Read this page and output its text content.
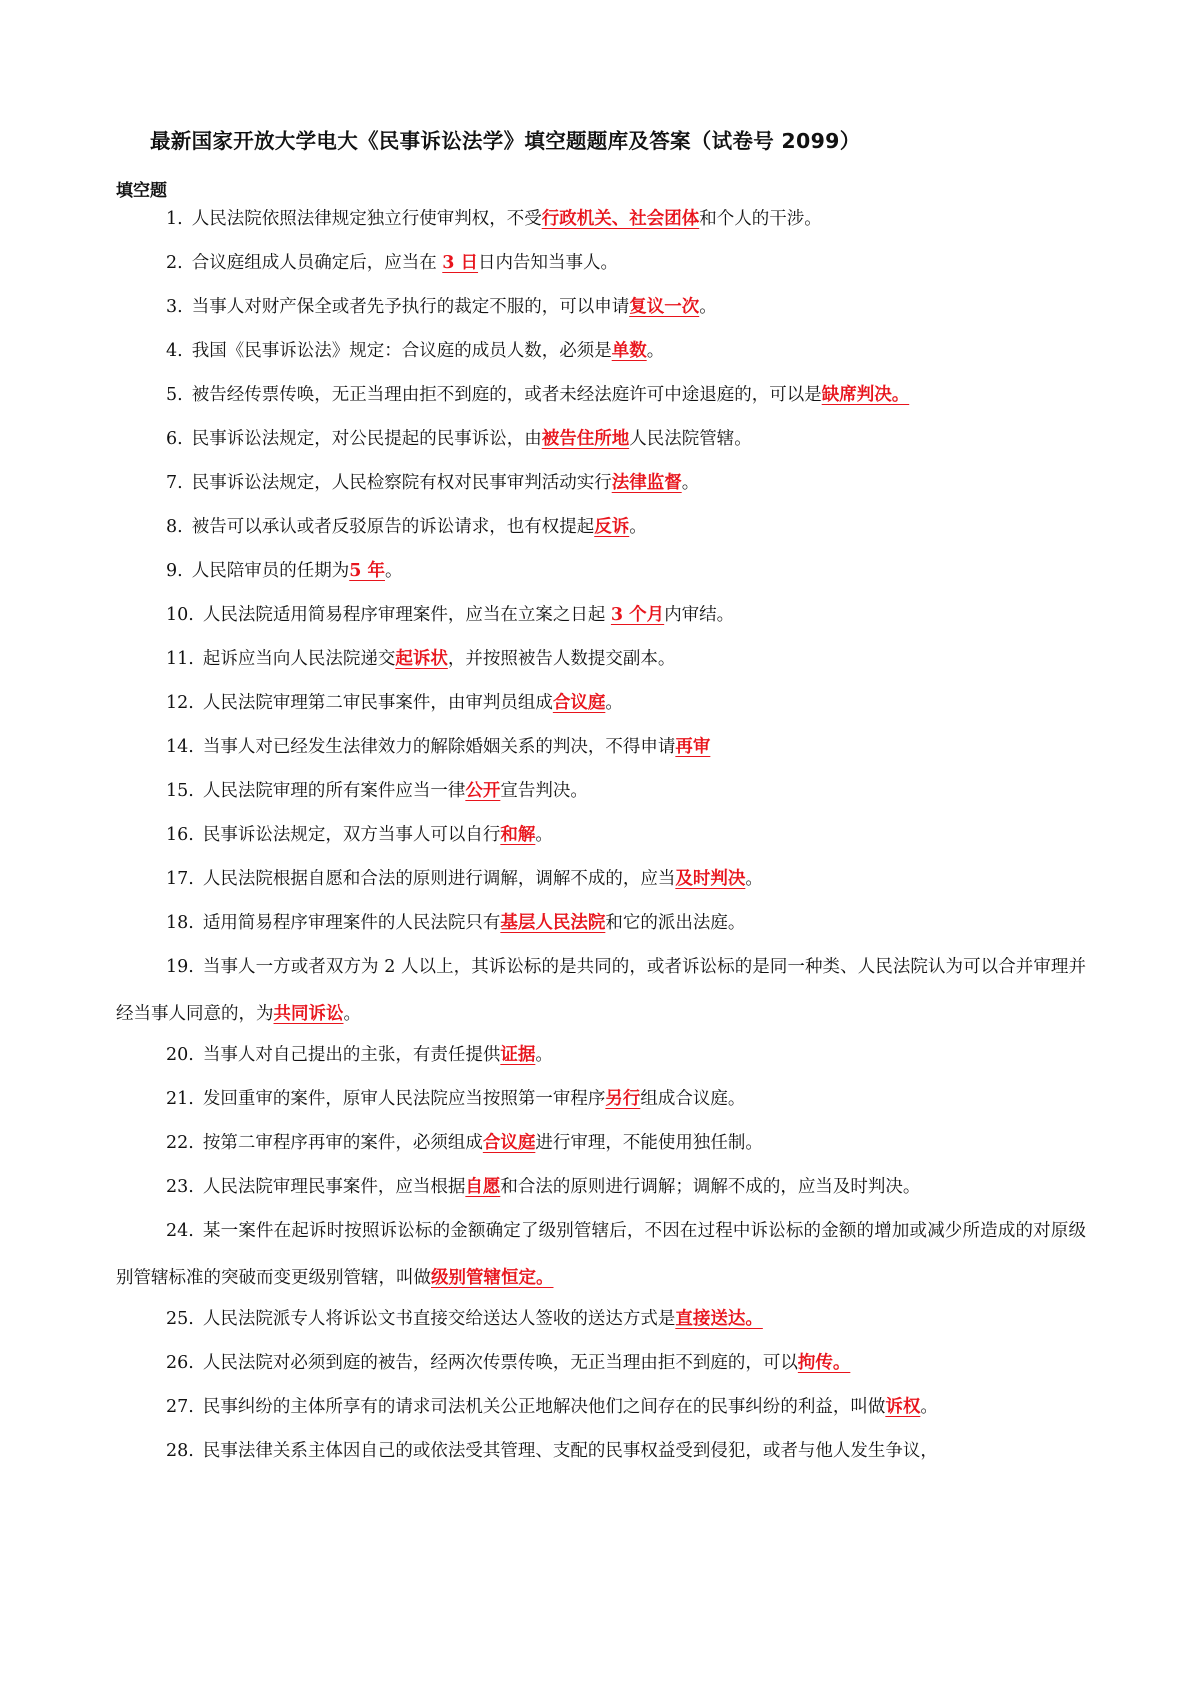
最新国家开放大学电大《民事诉讼法学》填空题题库及答案（试卷号 2099）
填空题
1. 人民法院依照法律规定独立行使审判权，不受行政机关、社会团体和个人的干涉。
2. 合议庭组成人员确定后，应当在 3 日日内告知当事人。
3. 当事人对财产保全或者先予执行的裁定不服的，可以申请复议一次。
4. 我国《民事诉讼法》规定：合议庭的成员人数，必须是单数。
5. 被告经传票传唤，无正当理由拒不到庭的，或者未经法庭许可中途退庭的，可以是缺席判决。
6. 民事诉讼法规定，对公民提起的民事诉讼，由被告住所地人民法院管辖。
7. 民事诉讼法规定，人民检察院有权对民事审判活动实行法律监督。
8. 被告可以承认或者反驳原告的诉讼请求，也有权提起反诉。
9. 人民陪审员的任期为5 年。
10. 人民法院适用简易程序审理案件，应当在立案之日起 3 个月内审结。
11. 起诉应当向人民法院递交起诉状，并按照被告人数提交副本。
12. 人民法院审理第二审民事案件，由审判员组成合议庭。
14. 当事人对已经发生法律效力的解除婚姻关系的判决，不得申请再审
15. 人民法院审理的所有案件应当一律公开宣告判决。
16. 民事诉讼法规定，双方当事人可以自行和解。
17. 人民法院根据自愿和合法的原则进行调解，调解不成的，应当及时判决。
18. 适用简易程序审理案件的人民法院只有基层人民法院和它的派出法庭。
19. 当事人一方或者双方为 2 人以上，其诉讼标的是共同的，或者诉讼标的是同一种类、人民法院认为可以合并审理并经当事人同意的，为共同诉讼。
20. 当事人对自己提出的主张，有责任提供证据。
21. 发回重审的案件，原审人民法院应当按照第一审程序另行组成合议庭。
22. 按第二审程序再审的案件，必须组成合议庭进行审理，不能使用独任制。
23. 人民法院审理民事案件，应当根据自愿和合法的原则进行调解；调解不成的，应当及时判决。
24. 某一案件在起诉时按照诉讼标的金额确定了级别管辖后，不因在过程中诉讼标的金额的增加或减少所造成的对原级别管辖标准的突破而变更级别管辖，叫做级别管辖恒定。
25. 人民法院派专人将诉讼文书直接交给送达人签收的送达方式是直接送达。
26. 人民法院对必须到庭的被告，经两次传票传唤，无正当理由拒不到庭的，可以拘传。
27. 民事纠纷的主体所享有的请求司法机关公正地解决他们之间存在的民事纠纷的利益，叫做诉权。
28. 民事法律关系主体因自己的或依法受其管理、支配的民事权益受到侵犯，或者与他人发生争议，
